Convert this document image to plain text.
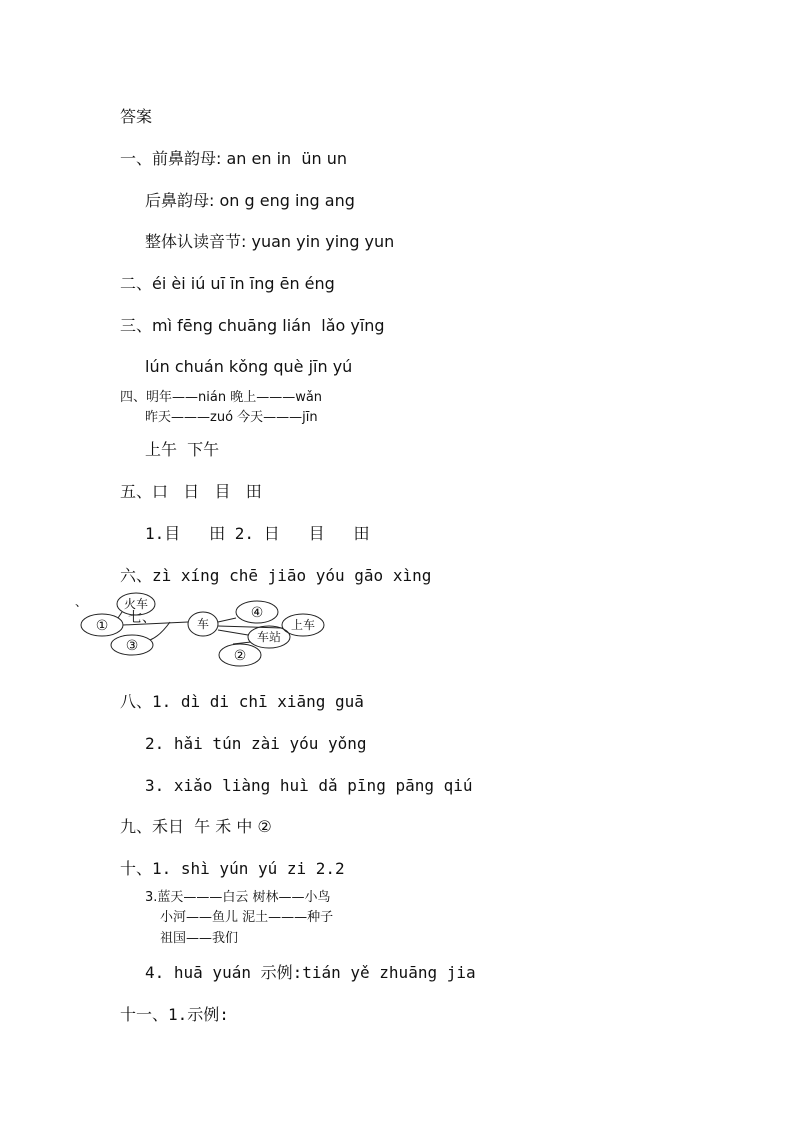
答案
一、前鼻韵母: an en in  ün un
后鼻韵母: on g eng ing ang
整体认读音节: yuan yin ying yun
二、éi èi iú uī īn īng ēn éng
三、mì fēng chuāng lián  lǎo yīng
lún chuán kǒng què jīn yú
四、明年——nián 晚上———wǎn
昨天———zuó 今天———jīn
上午  下午
五、口   日   目   田
1.目   田 2. 日   目   田
六、zì xíng chē jiāo yóu gāo xìng
火车
①
③
车
④
上车
车站
②
七、
、
八、1. dì di chī xiāng guā
2. hǎi tún zài yóu yǒng
3. xiǎo liàng huì dǎ pīng pāng qiú
九、禾日  午 禾 中 ②
十、1. shì yún yú zi 2.2
3.蓝天———白云 树林——小鸟
小河——鱼儿 泥土———种子
祖国——我们
4. huā yuán 示例:tián yě zhuāng jia
十一、1.示例:
